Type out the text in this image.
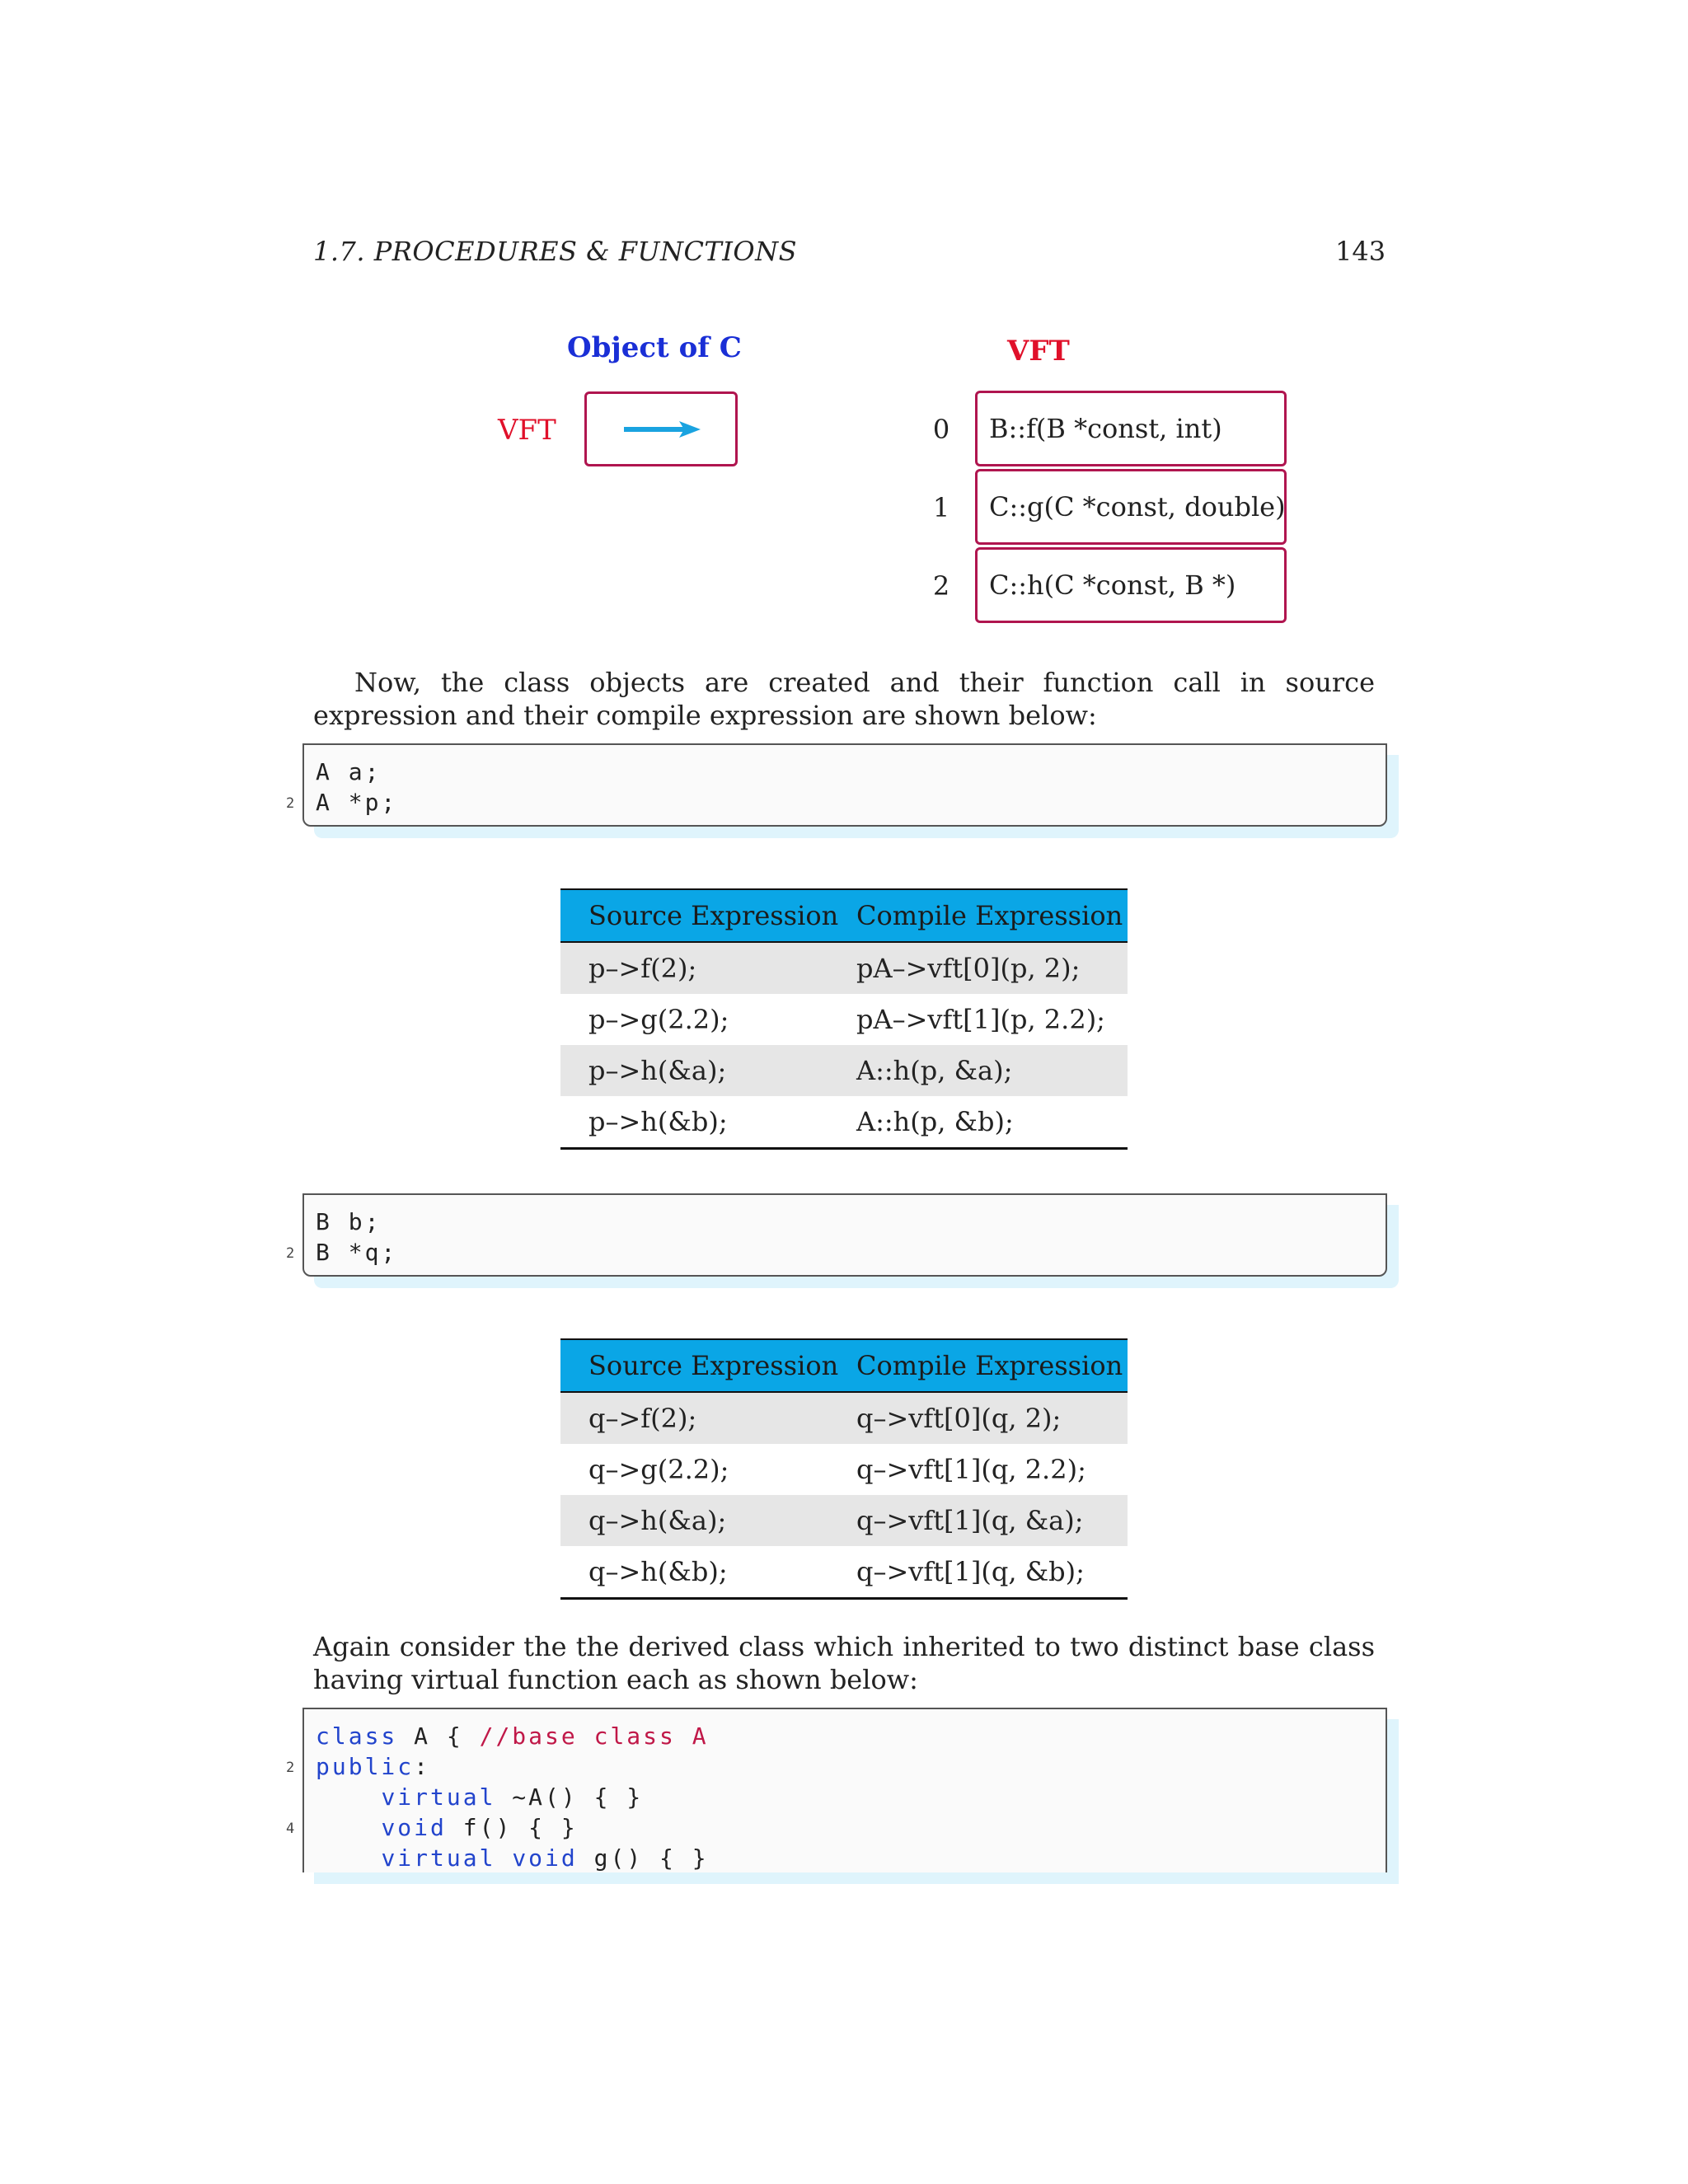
1.7. PROCEDURES & FUNCTIONS	143
Object of C	VFT
VFT	0	B::f(B *const, int)
1	C::g(C *const, double)
2	C::h(C *const, B *)

Now, the class objects are created and their function call in source expression and their compile expression are shown below:

A a;
2 A *p;
Source Expression	Compile Expression
p–>f(2);	pA–>vft[0](p, 2);
p–>g(2.2);	pA–>vft[1](p, 2.2);
p–>h(&a);	A::h(p, &a);
p–>h(&b);	A::h(p, &b);
B b;
2 B *q;
Source Expression	Compile Expression
q–>f(2);	q–>vft[0](q, 2);
q–>g(2.2);	q–>vft[1](q, 2.2);
q–>h(&a);	q–>vft[1](q, &a);
q–>h(&b);	q–>vft[1](q, &b);

Again consider the the derived class which inherited to two distinct base class having virtual function each as shown below:

class A { //base class A
2 public:
virtual ~A() { }
4	void f() { }
virtual void g() { }
